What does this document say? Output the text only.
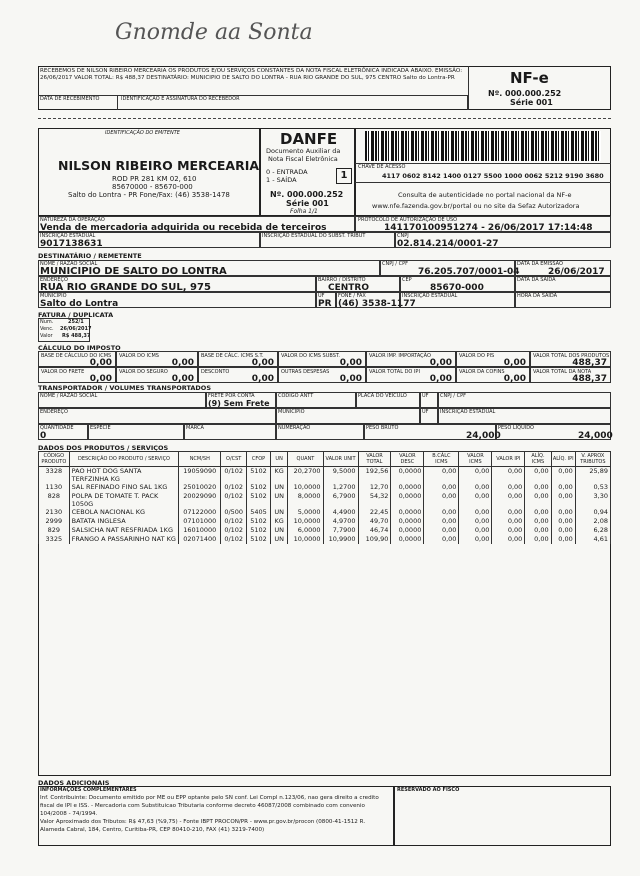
Gnomde aa Sonta
RECEBEMOS DE NILSON RIBEIRO MERCEARIA OS PRODUTOS E/OU SERVIÇOS CONSTANTES DA NOTA FISCAL ELETRÔNICA INDICADA ABAIXO. EMISSÃO: 26/06/2017 VALOR TOTAL: R$ 488,37 DESTINATÁRIO: MUNICIPIO DE SALTO DO LONTRA - RUA RIO GRANDE DO SUL, 975 CENTRO Salto do Lontra-PR
DATA DE RECEBIMENTO	IDENTIFICAÇÃO E ASSINATURA DO RECEBEDOR
NF-e
Nº. 000.000.252
Série 001
IDENTIFICAÇÃO DO EMITENTE
NILSON RIBEIRO MERCEARIA
ROD PR 281 KM 02, 610
85670000 - 85670-000
Salto do Lontra - PR Fone/Fax: (46) 3538-1478
DANFE
Documento Auxiliar da
Nota Fiscal Eletrônica
0 - ENTRADA
1 - SAÍDA	1
Nº. 000.000.252
Série 001
Folha 1/1
CHAVE DE ACESSO
4117 0602 8142 1400 0127 5500 1000 0062 5212 9190 3680
Consulta de autenticidade no portal nacional da NF-e
www.nfe.fazenda.gov.br/portal ou no site da Sefaz Autorizadora
NATUREZA DA OPERAÇÃO
Venda de mercadoria adquirida ou recebida de terceiros
PROTOCOLO DE AUTORIZAÇÃO DE USO
141170100951274 - 26/06/2017 17:14:48
INSCRIÇÃO ESTADUAL
9017138631
INSCRIÇÃO ESTADUAL DO SUBST. TRIBUT	CNPJ
02.814.214/0001-27
DESTINATÁRIO / REMETENTE
NOME / RAZÃO SOCIAL
MUNICIPIO DE SALTO DO LONTRA
CNPJ / CPF
76.205.707/0001-04
DATA DA EMISSÃO
26/06/2017
ENDEREÇO
RUA RIO GRANDE DO SUL, 975
BAIRRO / DISTRITO
CENTRO
CEP
85670-000
DATA DA SAÍDA
MUNICÍPIO
Salto do Lontra
UF
PR
FONE / FAX
(46) 3538-1177
INSCRIÇÃO ESTADUAL	HORA DA SAÍDA
FATURA / DUPLICATA
Num.	252/1
Venc. 26/06/2017
Valor R$ 488,37
CÁLCULO DO IMPOSTO
BASE DE CÁLCULO DO ICMS
0,00
VALOR DO ICMS
0,00
BASE DE CÁLC. ICMS S.T.
0,00
VALOR DO ICMS SUBST.
0,00
VALOR IMP. IMPORTAÇÃO
0,00
VALOR DO PIS
0,00
VALOR TOTAL DOS PRODUTOS
488,37
VALOR DO FRETE
0,00
VALOR DO SEGURO
0,00
DESCONTO
0,00
OUTRAS DESPESAS
0,00
VALOR TOTAL DO IPI
0,00
VALOR DA COFINS
0,00
VALOR TOTAL DA NOTA
488,37
TRANSPORTADOR / VOLUMES TRANSPORTADOS
NOME / RAZÃO SOCIAL	FRETE POR CONTA
(9) Sem Frete
CÓDIGO ANTT	PLACA DO VEÍCULO	UF CNPJ / CPF
ENDEREÇO	MUNICÍPIO	UF INSCRIÇÃO ESTADUAL
QUANTIDADE
0
ESPÉCIE	MARCA	NUMERAÇÃO	PESO BRUTO
24,000
PESO LÍQUIDO
24,000
DADOS DOS PRODUTOS / SERVIÇOS
CÓDIGO PRODUTO	DESCRIÇÃO DO PRODUTO / SERVIÇO	NCM/SH	O/CST	CFOP	UN	QUANT	VALOR UNIT	VALOR TOTAL	VALOR DESC	B.CÁLC ICMS	VALOR ICMS	VALOR IPI	ALÍQ. ICMS	ALÍQ. IPI	V. APROX TRIBUTOS
3328	PAO HOT DOG SANTA TERFZINHA KG	19059090	0/102	5102	KG	20,2700	9,5000	192,56	0,0000	0,00	0,00	0,00	0,00	0,00	25,89
1130	SAL REFINADO FINO SAL 1KG	25010020	0/102	5102	UN	10,0000	1,2700	12,70	0,0000	0,00	0,00	0,00	0,00	0,00	0,53
828	POLPA DE TOMATE T. PACK 1050G	20029090	0/102	5102	UN	8,0000	6,7900	54,32	0,0000	0,00	0,00	0,00	0,00	0,00	3,30
2130	CEBOLA NACIONAL KG	07122000	0/500	5405	UN	5,0000	4,4900	22,45	0,0000	0,00	0,00	0,00	0,00	0,00	0,94
2999	BATATA INGLESA	07101000	0/102	5102	KG	10,0000	4,9700	49,70	0,0000	0,00	0,00	0,00	0,00	0,00	2,08
829	SALSICHA NAT RESFRIADA 1KG	16010000	0/102	5102	UN	6,0000	7,7900	46,74	0,0000	0,00	0,00	0,00	0,00	0,00	6,28
3325	FRANGO A PASSARINHO NAT KG	02071400	0/102	5102	UN	10,0000	10,9900	109,90	0,0000	0,00	0,00	0,00	0,00	0,00	4,61
DADOS ADICIONAIS
INFORMAÇÕES COMPLEMENTARES
Inf. Contribuinte: Documento emitido por ME ou EPP optante pelo SN conf. Lei Compl n.123/06, nao gera direito a credito
fiscal de IPI e ISS. - Mercadoria com Substituicao Tributaria conforme decreto 46087/2008 combinado com convenio
104/2008 - 74/1994.
Valor Aproximado dos Tributos: R$ 47,63 (%9,75) - Fonte IBPT PROCON/PR - www.pr.gov.br/procon (0800-41-1512 R.
Alameda Cabral, 184, Centro, Curitiba-PR, CEP 80410-210, FAX (41) 3219-7400)
RESERVADO AO FISCO
